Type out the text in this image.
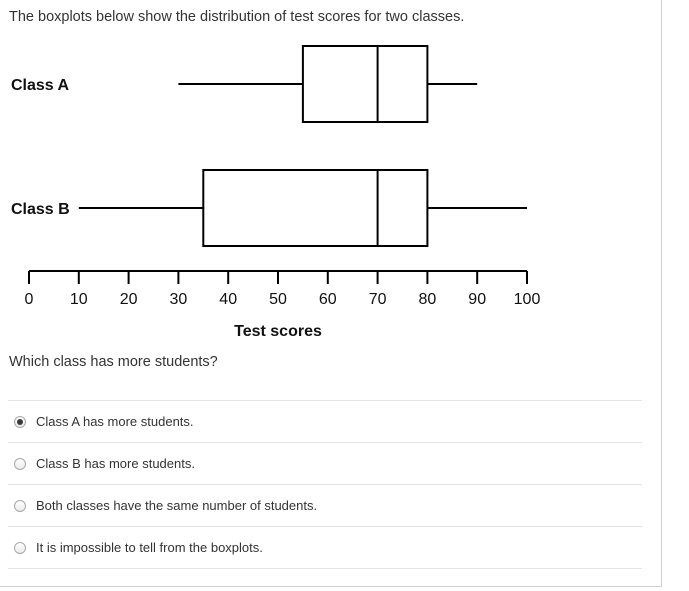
The boxplots below show the distribution of test scores for two classes.
Class A
Class B
0 10 20 30 40 50 60 70 80 90 100
Test scores
Which class has more students?
Class A has more students.
Class B has more students.
Both classes have the same number of students.
It is impossible to tell from the boxplots.
